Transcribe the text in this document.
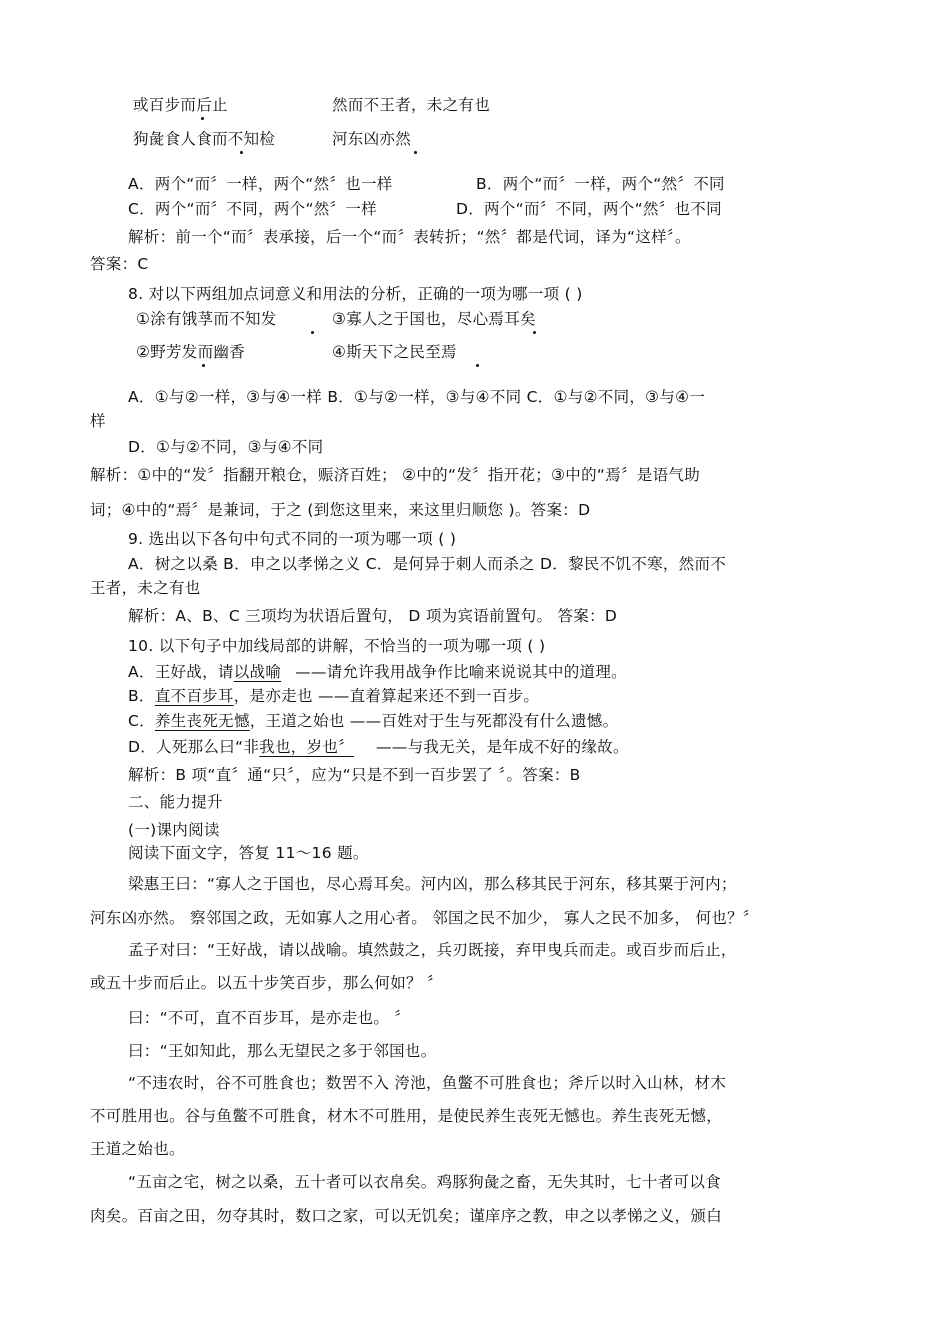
或百步而后止	然而不王者，未之有也
狗彘食人食而不知检	河东凶亦然
A．两个“而〞一样，两个“然〞也一样	B．两个“而〞一样，两个“然〞不同
C．两个“而〞不同，两个“然〞一样	D．两个“而〞不同，两个“然〞也不同
解析：前一个“而〞表承接，后一个“而〞表转折；“然〞都是代词，译为“这样〞。
答案：C
8. 对以下两组加点词意义和用法的分析，正确的一项为哪一项 ( )
①涂有饿莩而不知发	③寡人之于国也，尽心焉耳矣
②野芳发而幽香	④斯天下之民至焉
A．①与②一样，③与④一样 B．①与②一样，③与④不同 C．①与②不同，③与④一
样
D．①与②不同，③与④不同
解析：①中的“发〞指翻开粮仓，赈济百姓； ②中的“发〞指开花；③中的“焉〞是语气助
词；④中的“焉〞是兼词，于之 (到您这里来，来这里归顺您 )。答案：D
9. 选出以下各句中句式不同的一项为哪一项 ( )
A．树之以桑 B．申之以孝悌之义 C．是何异于刺人而杀之 D．黎民不饥不寒，然而不
王者，未之有也
解析：A、B、C 三项均为状语后置句， D 项为宾语前置句。 答案：D
10. 以下句子中加线局部的讲解，不恰当的一项为哪一项 ( )
A．王好战，请以战喻 ——请允许我用战争作比喻来说说其中的道理。
B．直不百步耳，是亦走也 ——直着算起来还不到一百步。
C．养生丧死无憾，王道之始也 ——百姓对于生与死都没有什么遗憾。
D．人死那么曰“非我也，岁也〞 ——与我无关，是年成不好的缘故。
解析：B 项“直〞通“只〞，应为“只是不到一百步罢了 〞。答案：B
二、能力提升
(一)课内阅读
阅读下面文字，答复 11～16 题。
梁惠王曰：“寡人之于国也，尽心焉耳矣。河内凶，那么移其民于河东，移其粟于河内；
河东凶亦然。 察邻国之政，无如寡人之用心者。 邻国之民不加少， 寡人之民不加多， 何也？〞
孟子对曰：“王好战，请以战喻。填然鼓之，兵刃既接，弃甲曳兵而走。或百步而后止，
或五十步而后止。以五十步笑百步，那么何如？ 〞
曰：“不可，直不百步耳，是亦走也。 〞
曰：“王如知此，那么无望民之多于邻国也。
“不违农时，谷不可胜食也；数罟不入 洿池，鱼鳖不可胜食也；斧斤以时入山林，材木
不可胜用也。谷与鱼鳖不可胜食，材木不可胜用，是使民养生丧死无憾也。养生丧死无憾，
王道之始也。
“五亩之宅，树之以桑，五十者可以衣帛矣。鸡豚狗彘之畜，无失其时，七十者可以食
肉矣。百亩之田，勿夺其时，数口之家，可以无饥矣；谨庠序之教，申之以孝悌之义，颁白
